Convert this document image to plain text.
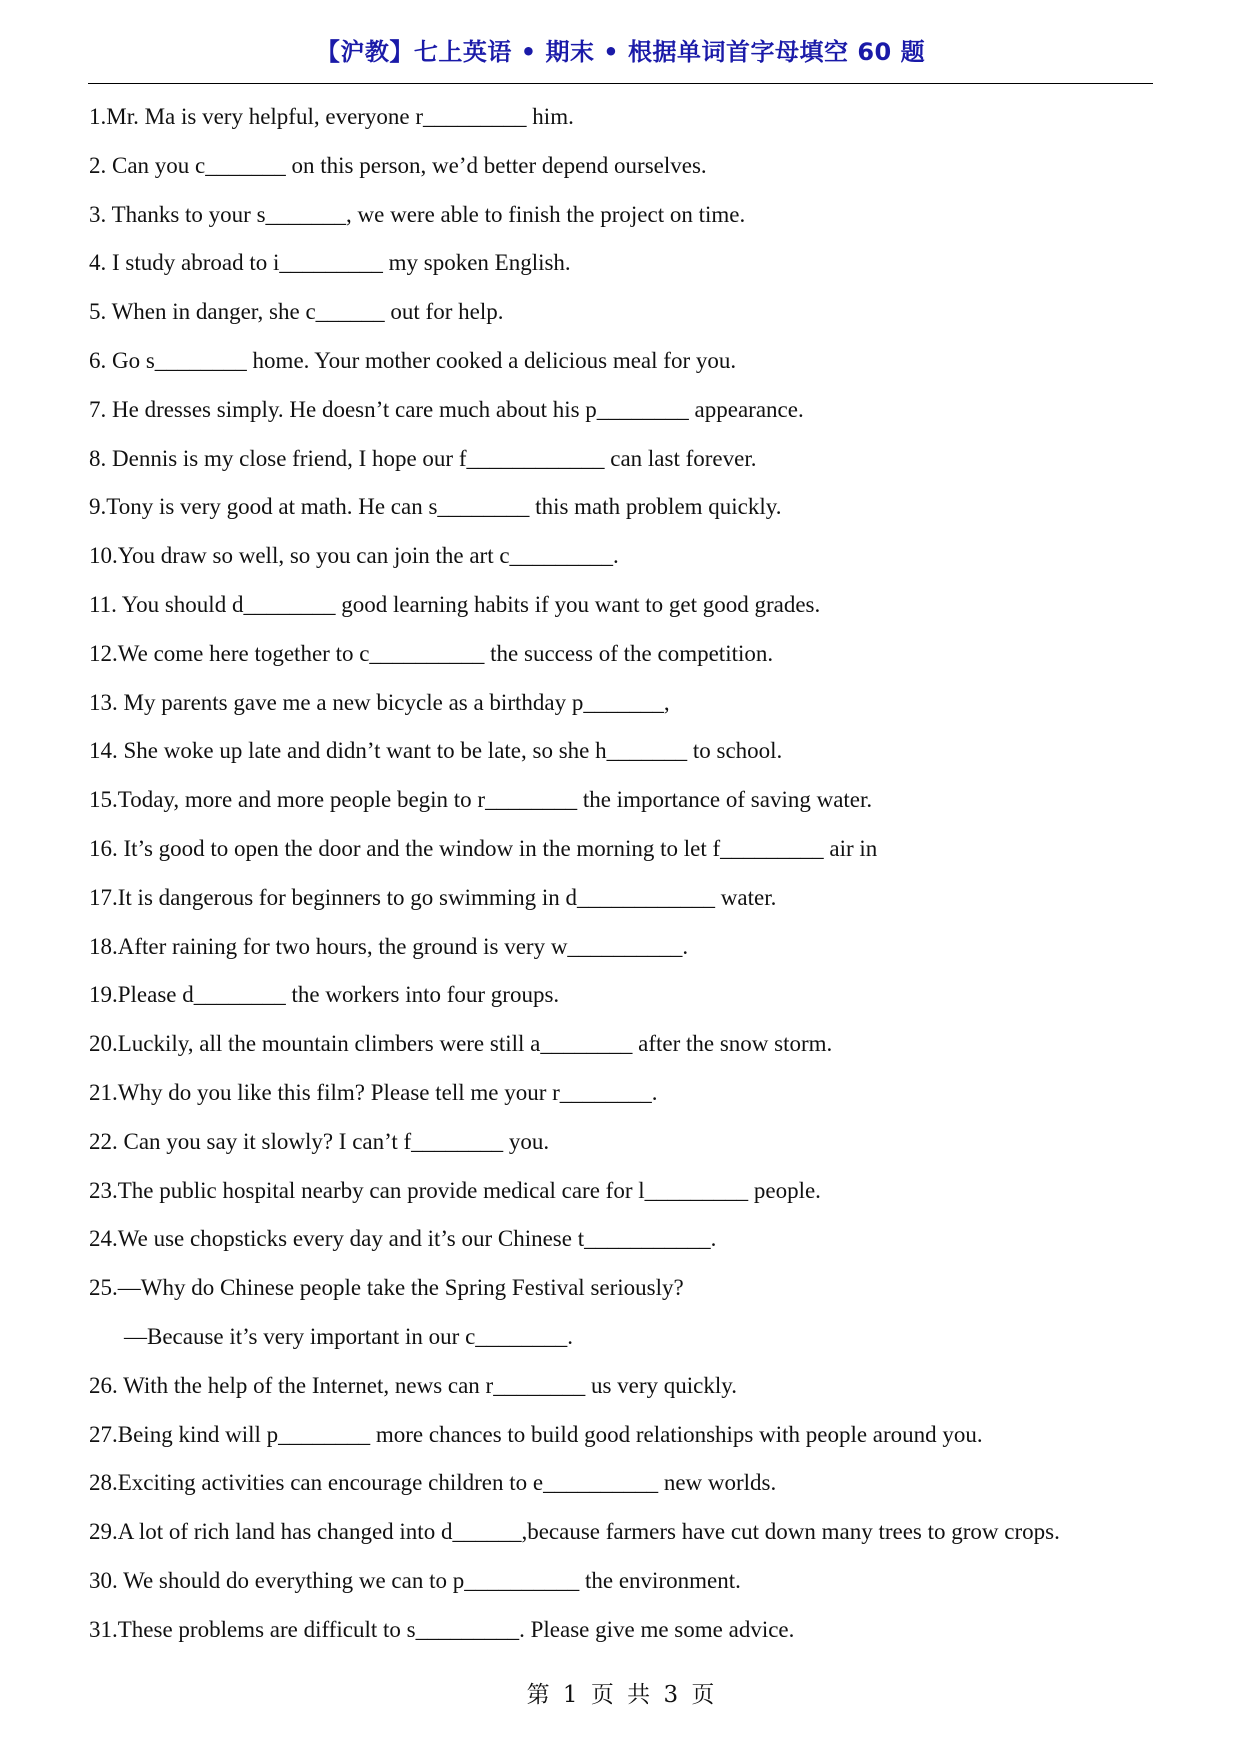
【沪教】七上英语 • 期末 • 根据单词首字母填空 60 题
1.Mr. Ma is very helpful, everyone r_________ him.
2. Can you c_______ on this person, we’d better depend ourselves.
3. Thanks to your s_______, we were able to finish the project on time.
4. I study abroad to i_________ my spoken English.
5. When in danger, she c______ out for help.
6. Go s________ home. Your mother cooked a delicious meal for you.
7. He dresses simply. He doesn’t care much about his p________ appearance.
8. Dennis is my close friend, I hope our f____________ can last forever.
9.Tony is very good at math. He can s________ this math problem quickly.
10.You draw so well, so you can join the art c_________.
11. You should d________ good learning habits if you want to get good grades.
12.We come here together to c__________ the success of the competition.
13. My parents gave me a new bicycle as a birthday p_______,
14. She woke up late and didn’t want to be late, so she h_______ to school.
15.Today, more and more people begin to r________ the importance of saving water.
16. It’s good to open the door and the window in the morning to let f_________ air in
17.It is dangerous for beginners to go swimming in d____________ water.
18.After raining for two hours, the ground is very w__________.
19.Please d________ the workers into four groups.
20.Luckily, all the mountain climbers were still a________ after the snow storm.
21.Why do you like this film? Please tell me your r________.
22. Can you say it slowly? I can’t f________ you.
23.The public hospital nearby can provide medical care for l_________ people.
24.We use chopsticks every day and it’s our Chinese t___________.
25.—Why do Chinese people take the Spring Festival seriously?
—Because it’s very important in our c________.
26. With the help of the Internet, news can r________ us very quickly.
27.Being kind will p________ more chances to build good relationships with people around you.
28.Exciting activities can encourage children to e__________ new worlds.
29.A lot of rich land has changed into d______,because farmers have cut down many trees to grow crops.
30. We should do everything we can to p__________ the environment.
31.These problems are difficult to s_________. Please give me some advice.
第 1 页 共 3 页
